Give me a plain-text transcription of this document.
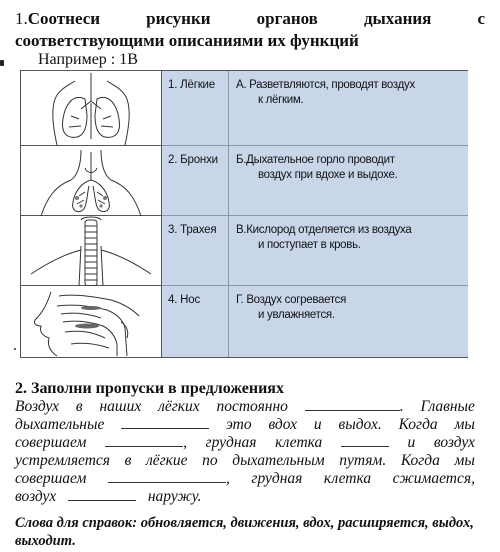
1.Соотнеси	рисунки	органов	дыхания	с
соответствующими описаниями их функций
Например : 1В
1. Лёгкие	А. Разветвляются, проводят воздух
к лёгким.
2. Бронхи	Б.Дыхательное горло проводит
воздух при вдохе и выдохе.
3. Трахея	В.Кислород отделяется из воздуха
и поступает в кровь.
4. Нос	Г. Воздух согревается
и увлажняется.
2. Заполни пропуски в предложениях
Воздух в наших лёгких постоянно	. Главные
дыхательные	это вдох и выдох. Когда мы
совершаем	, грудная клетка	и воздух
устремляется в лёгкие по дыхательным путям. Когда мы
совершаем	, грудная клетка сжимается,
воздух	наружу.
Слова для справок: обновляется, движения, вдох, расширяется, выдох, выходит.
